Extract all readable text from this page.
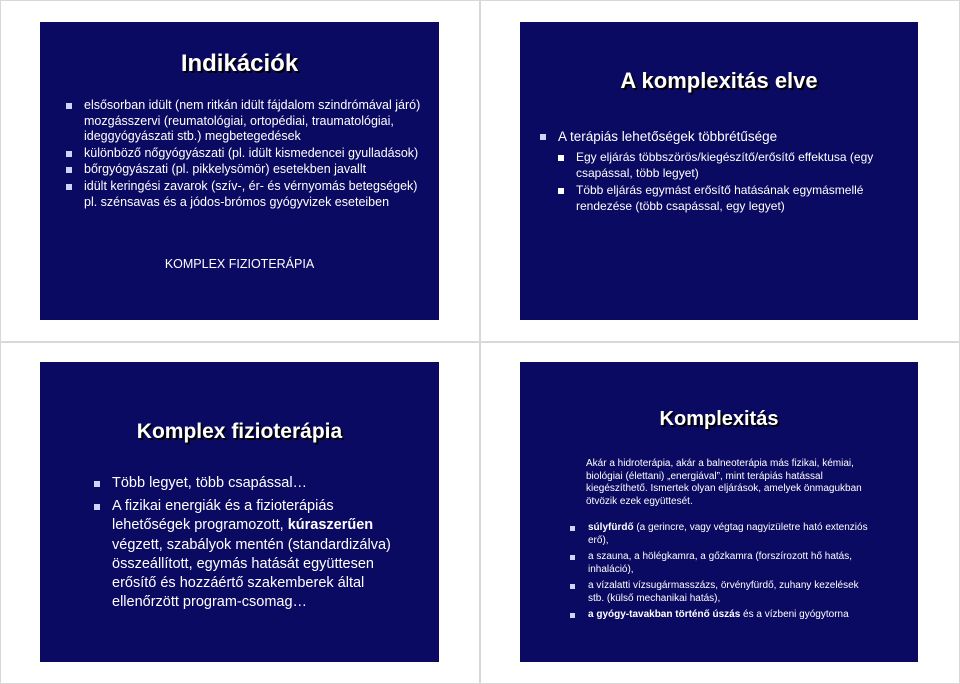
Indikációk
elsősorban idült (nem ritkán idült fájdalom szindrómával járó) mozgásszervi (reumatológiai, ortopédiai, traumatológiai, ideggyógyászati stb.) megbetegedések
különböző nőgyógyászati (pl. idült kismedencei gyulladások)
bőrgyógyászati (pl. pikkelysömör) esetekben javallt
idült keringési zavarok (szív-, ér- és vérnyomás betegségek) pl. szénsavas és a jódos-brómos gyógyvizek eseteiben
KOMPLEX FIZIOTERÁPIA
A komplexitás elve
A terápiás lehetőségek többrétűsége
Egy eljárás többszörös/kiegészítő/erősítő effektusa (egy csapással, több legyet)
Több eljárás egymást erősítő hatásának egymásmellé rendezése (több csapással, egy legyet)
Komplex fizioterápia
Több legyet, több csapással…
A fizikai energiák és a fizioterápiás lehetőségek programozott, kúraszerűen végzett, szabályok mentén (standardizálva) összeállított, egymás hatását együttesen erősítő és hozzáértő szakemberek által ellenőrzött program-csomag…
Komplexitás
Akár a hidroterápia, akár a balneoterápia más fizikai, kémiai, biológiai (élettani) „energiával”, mint terápiás hatással kiegészíthető. Ismertek olyan eljárások, amelyek önmagukban ötvözik ezek együttesét.
súlyfürdő (a gerincre, vagy végtag nagyizületre ható extenziós erő),
a szauna, a hölégkamra, a gőzkamra (forszírozott hő hatás, inhaláció),
a vízalatti vízsugármasszázs, örvényfürdő, zuhany kezelések stb. (külső mechanikai hatás),
a gyógy-tavakban történő úszás és a vízbeni gyógytorna
